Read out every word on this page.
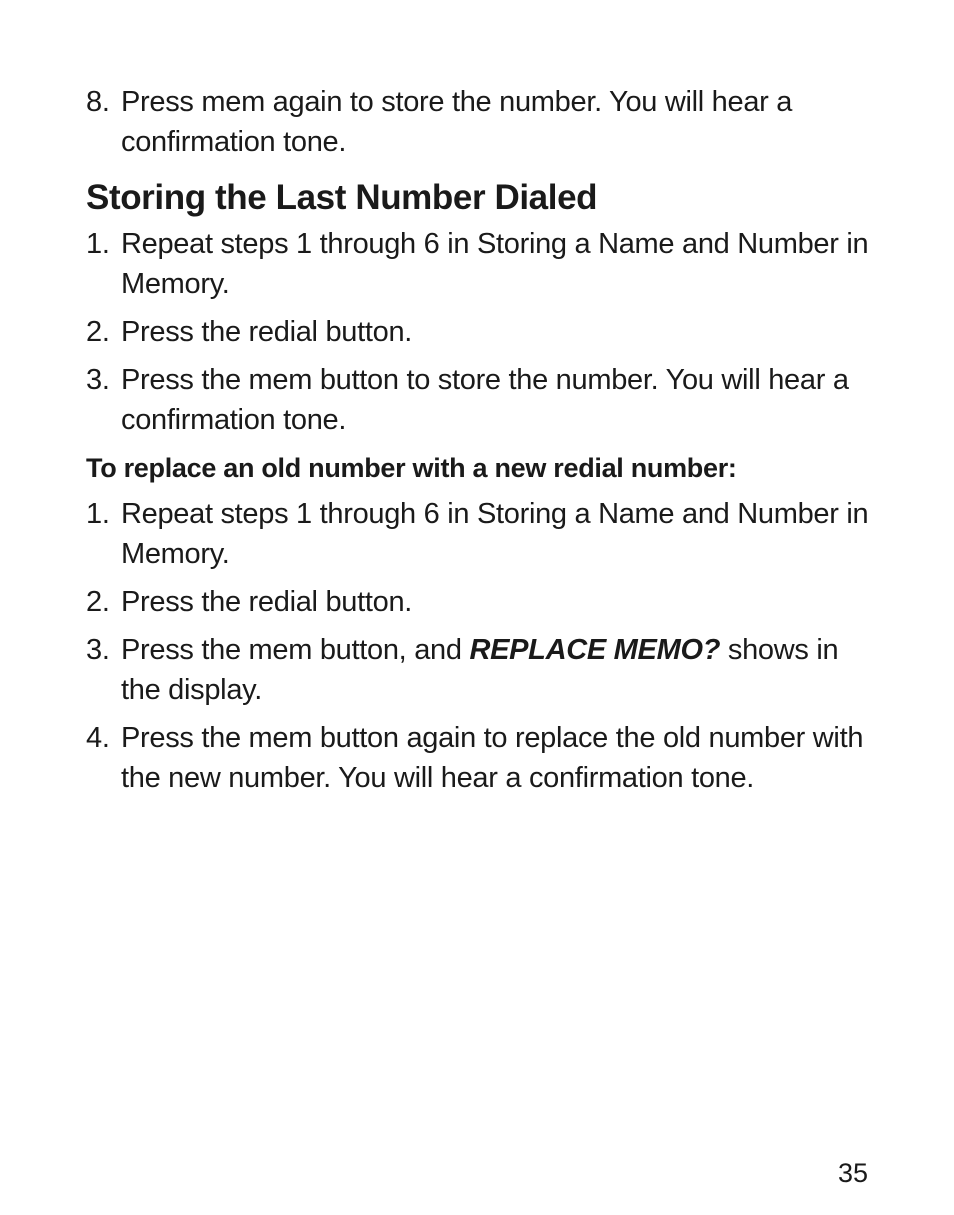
8. Press mem again to store the number. You will hear a confirmation tone.
Storing the Last Number Dialed
1. Repeat steps 1 through 6 in Storing a Name and Number in Memory.
2. Press the redial button.
3. Press the mem button to store the number. You will hear a confirmation tone.
To replace an old number with a new redial number:
1. Repeat steps 1 through 6 in Storing a Name and Number in Memory.
2. Press the redial button.
3. Press the mem button, and REPLACE MEMO? shows in the display.
4. Press the mem button again to replace the old number with the new number. You will hear a confirmation tone.
35
